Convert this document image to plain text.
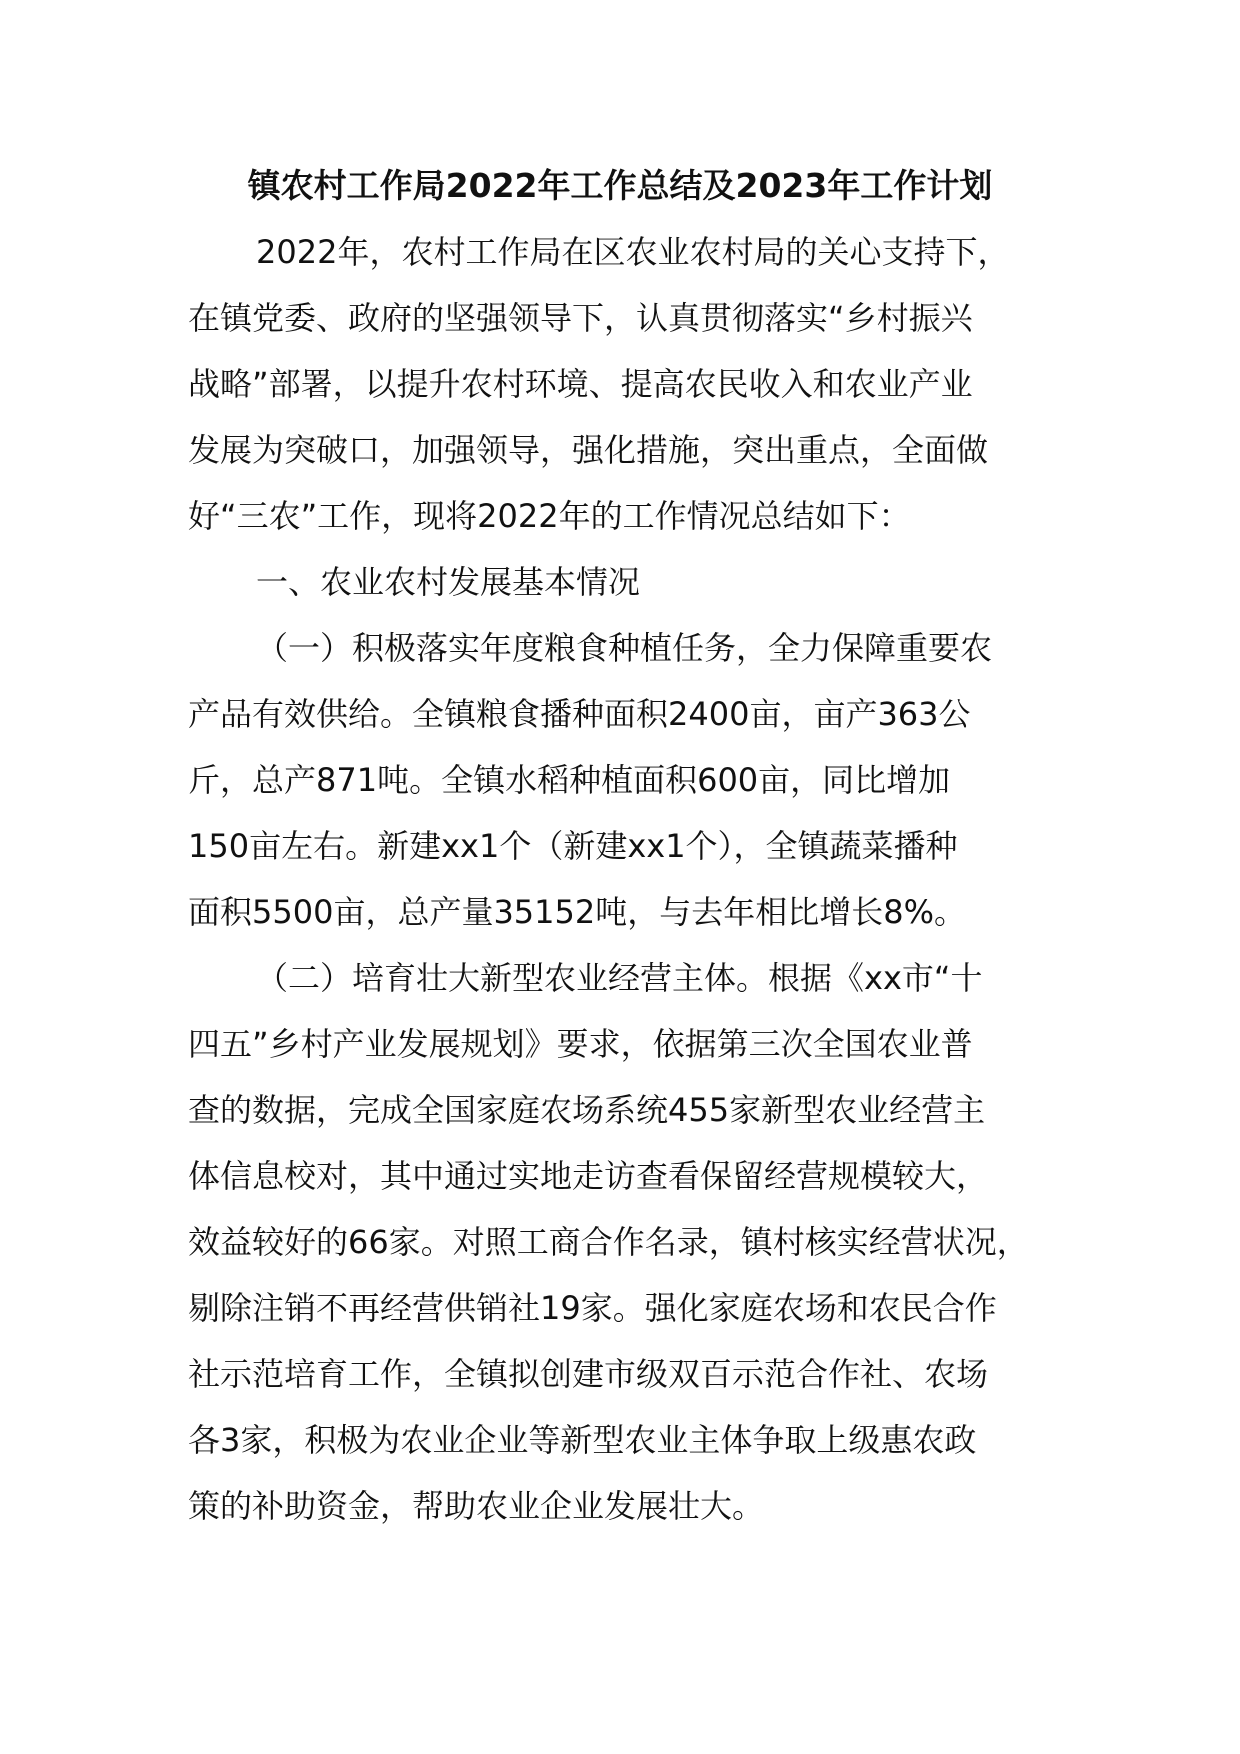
镇农村工作局2022年工作总结及2023年工作计划
2022年，农村工作局在区农业农村局的关心支持下，
在镇党委、政府的坚强领导下，认真贯彻落实“乡村振兴
战略”部署，以提升农村环境、提高农民收入和农业产业
发展为突破口，加强领导，强化措施，突出重点，全面做
好“三农”工作，现将2022年的工作情况总结如下：
一、农业农村发展基本情况
（一）积极落实年度粮食种植任务，全力保障重要农
产品有效供给。全镇粮食播种面积2400亩，亩产363公
斤，总产871吨。全镇水稻种植面积600亩，同比增加
150亩左右。新建xx1个（新建xx1个），全镇蔬菜播种
面积5500亩，总产量35152吨，与去年相比增长8%。
（二）培育壮大新型农业经营主体。根据《xx市“十
四五”乡村产业发展规划》要求，依据第三次全国农业普
查的数据，完成全国家庭农场系统455家新型农业经营主
体信息校对，其中通过实地走访查看保留经营规模较大，
效益较好的66家。对照工商合作名录，镇村核实经营状况，
剔除注销不再经营供销社19家。强化家庭农场和农民合作
社示范培育工作，全镇拟创建市级双百示范合作社、农场
各3家，积极为农业企业等新型农业主体争取上级惠农政
策的补助资金，帮助农业企业发展壮大。
